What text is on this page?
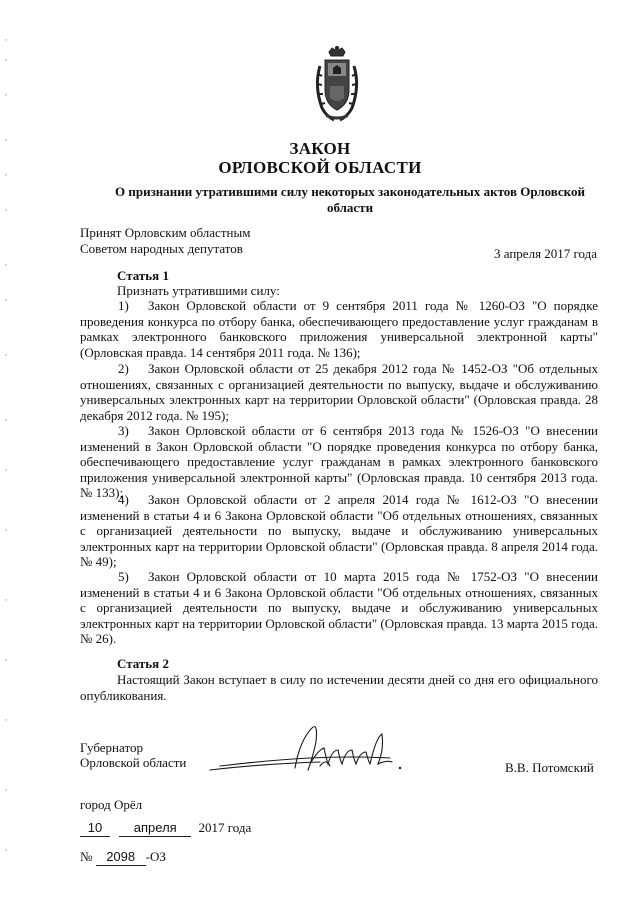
ЗАКОН
ОРЛОВСКОЙ ОБЛАСТИ
О признании утратившими силу некоторых законодательных актов Орловской области
Принят Орловским областным
Советом народных депутатов	3 апреля 2017 года
Статья 1
Признать утратившими силу:
1) Закон Орловской области от 9 сентября 2011 года № 1260-ОЗ "О порядке проведения конкурса по отбору банка, обеспечивающего предоставление услуг гражданам в рамках электронного банковского приложения универсальной электронной карты" (Орловская правда. 14 сентября 2011 года. № 136);
2) Закон Орловской области от 25 декабря 2012 года № 1452-ОЗ "Об отдельных отношениях, связанных с организацией деятельности по выпуску, выдаче и обслуживанию универсальных электронных карт на территории Орловской области" (Орловская правда. 28 декабря 2012 года. № 195);
3) Закон Орловской области от 6 сентября 2013 года № 1526-ОЗ "О внесении изменений в Закон Орловской области "О порядке проведения конкурса по отбору банка, обеспечивающего предоставление услуг гражданам в рамках электронного банковского приложения универсальной электронной карты" (Орловская правда. 10 сентября 2013 года. № 133);
4) Закон Орловской области от 2 апреля 2014 года № 1612-ОЗ "О внесении изменений в статьи 4 и 6 Закона Орловской области "Об отдельных отношениях, связанных с организацией деятельности по выпуску, выдаче и обслуживанию универсальных электронных карт на территории Орловской области" (Орловская правда. 8 апреля 2014 года. № 49);
5) Закон Орловской области от 10 марта 2015 года № 1752-ОЗ "О внесении изменений в статьи 4 и 6 Закона Орловской области "Об отдельных отношениях, связанных с организацией деятельности по выпуску, выдаче и обслуживанию универсальных электронных карт на территории Орловской области" (Орловская правда. 13 марта 2015 года. № 26).
Статья 2
Настоящий Закон вступает в силу по истечении десяти дней со дня его официального опубликования.
Губернатор
Орловской области	В.В. Потомский
город Орёл
10 апреля 2017 года
№ 2098 -ОЗ
